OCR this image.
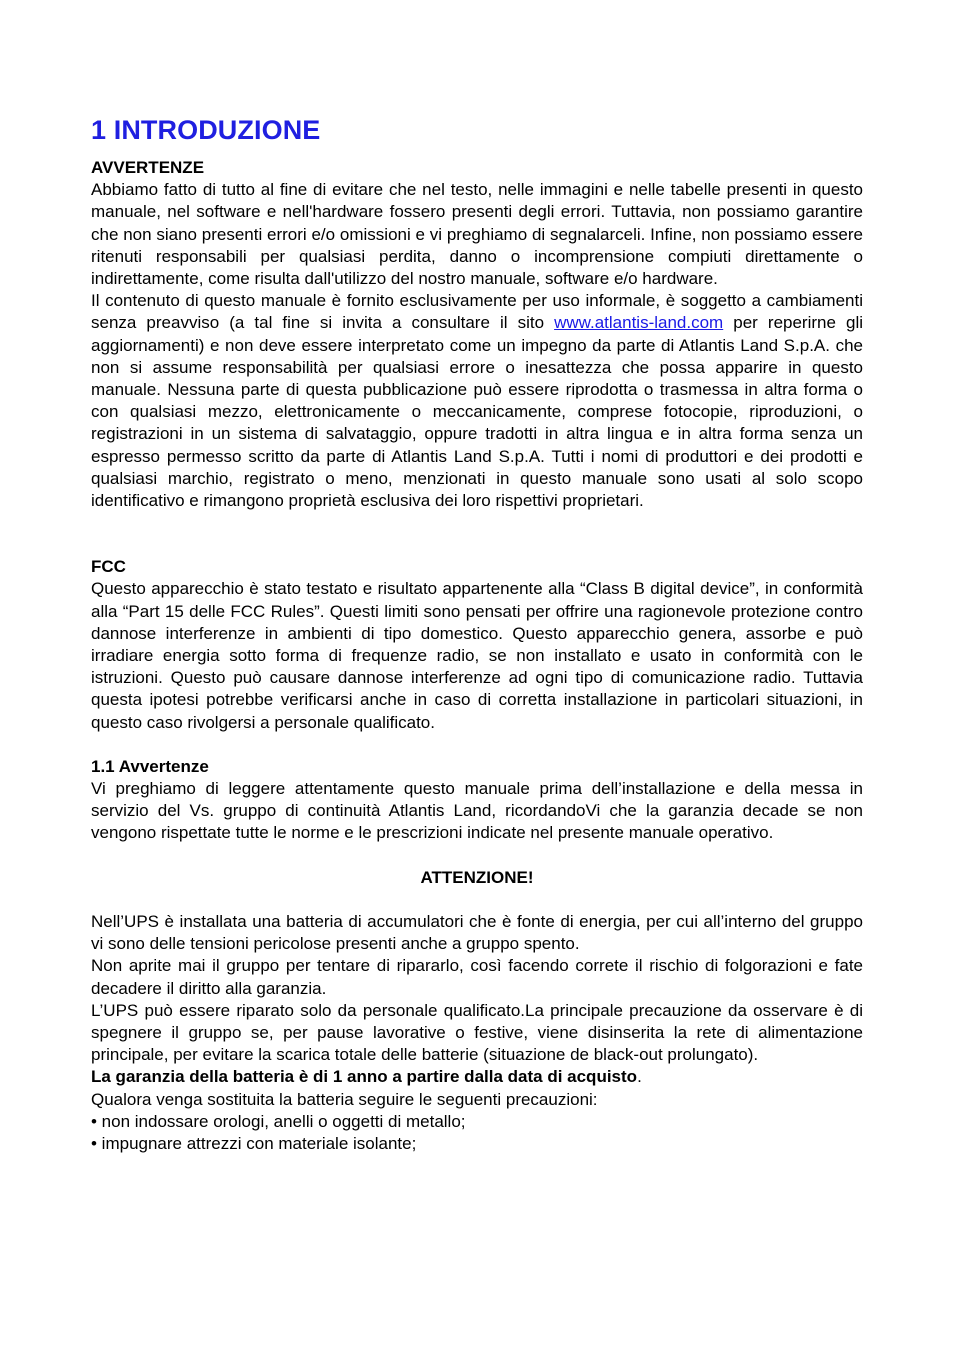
1 INTRODUZIONE
AVVERTENZE

Abbiamo fatto di tutto al fine di evitare che nel testo, nelle immagini e nelle tabelle presenti in questo manuale, nel software e nell'hardware fossero presenti degli errori. Tuttavia, non possiamo garantire che non siano presenti errori e/o omissioni e vi preghiamo di segnalarceli. Infine, non possiamo essere ritenuti responsabili per qualsiasi perdita, danno o incomprensione compiuti direttamente o indirettamente, come risulta dall'utilizzo del nostro manuale, software e/o hardware.

Il contenuto di questo manuale è fornito esclusivamente per uso informale, è soggetto a cambiamenti senza preavviso (a tal fine si invita a consultare il sito www.atlantis-land.com per reperirne gli aggiornamenti) e non deve essere interpretato come un impegno da parte di Atlantis Land S.p.A. che non si assume responsabilità per qualsiasi errore o inesattezza che possa apparire in questo manuale. Nessuna parte di questa pubblicazione può essere riprodotta o trasmessa in altra forma o con qualsiasi mezzo, elettronicamente o meccanicamente, comprese fotocopie, riproduzioni, o registrazioni in un sistema di salvataggio, oppure tradotti in altra lingua e in altra forma senza un espresso permesso scritto da parte di Atlantis Land S.p.A. Tutti i nomi di produttori e dei prodotti e qualsiasi marchio, registrato o meno, menzionati in questo manuale sono usati al solo scopo identificativo e rimangono proprietà esclusiva dei loro rispettivi proprietari.

FCC

Questo apparecchio è stato testato e risultato appartenente alla “Class B digital device”, in conformità alla “Part 15 delle FCC Rules”. Questi limiti sono pensati per offrire una ragionevole protezione contro dannose interferenze in ambienti di tipo domestico. Questo apparecchio genera, assorbe e può irradiare energia sotto forma di frequenze radio, se non installato e usato in conformità con le istruzioni. Questo può causare dannose interferenze ad ogni tipo di comunicazione radio. Tuttavia questa ipotesi potrebbe verificarsi anche in caso di corretta installazione in particolari situazioni, in questo caso rivolgersi a personale qualificato.

1.1 Avvertenze

Vi preghiamo di leggere attentamente questo manuale prima dell’installazione e della messa in servizio del Vs. gruppo di continuità Atlantis Land, ricordandoVi che la garanzia decade se non vengono rispettate tutte le norme e le prescrizioni indicate nel presente manuale operativo.

ATTENZIONE!

Nell’UPS è installata una batteria di accumulatori che è fonte di energia, per cui all’interno del gruppo vi sono delle tensioni pericolose presenti anche a gruppo spento.

Non aprite mai il gruppo per tentare di ripararlo, così facendo correte il rischio di folgorazioni e fate decadere il diritto alla garanzia.

L’UPS può essere riparato solo da personale qualificato.La principale precauzione da osservare è di spegnere il gruppo se, per pause lavorative o festive, viene disinserita la rete di alimentazione principale, per evitare la scarica totale delle batterie (situazione de black-out prolungato).

La garanzia della batteria è di 1 anno a partire dalla data di acquisto.

Qualora venga sostituita la batteria seguire le seguenti precauzioni:

• non indossare orologi, anelli o oggetti di metallo;

• impugnare attrezzi con materiale isolante;
